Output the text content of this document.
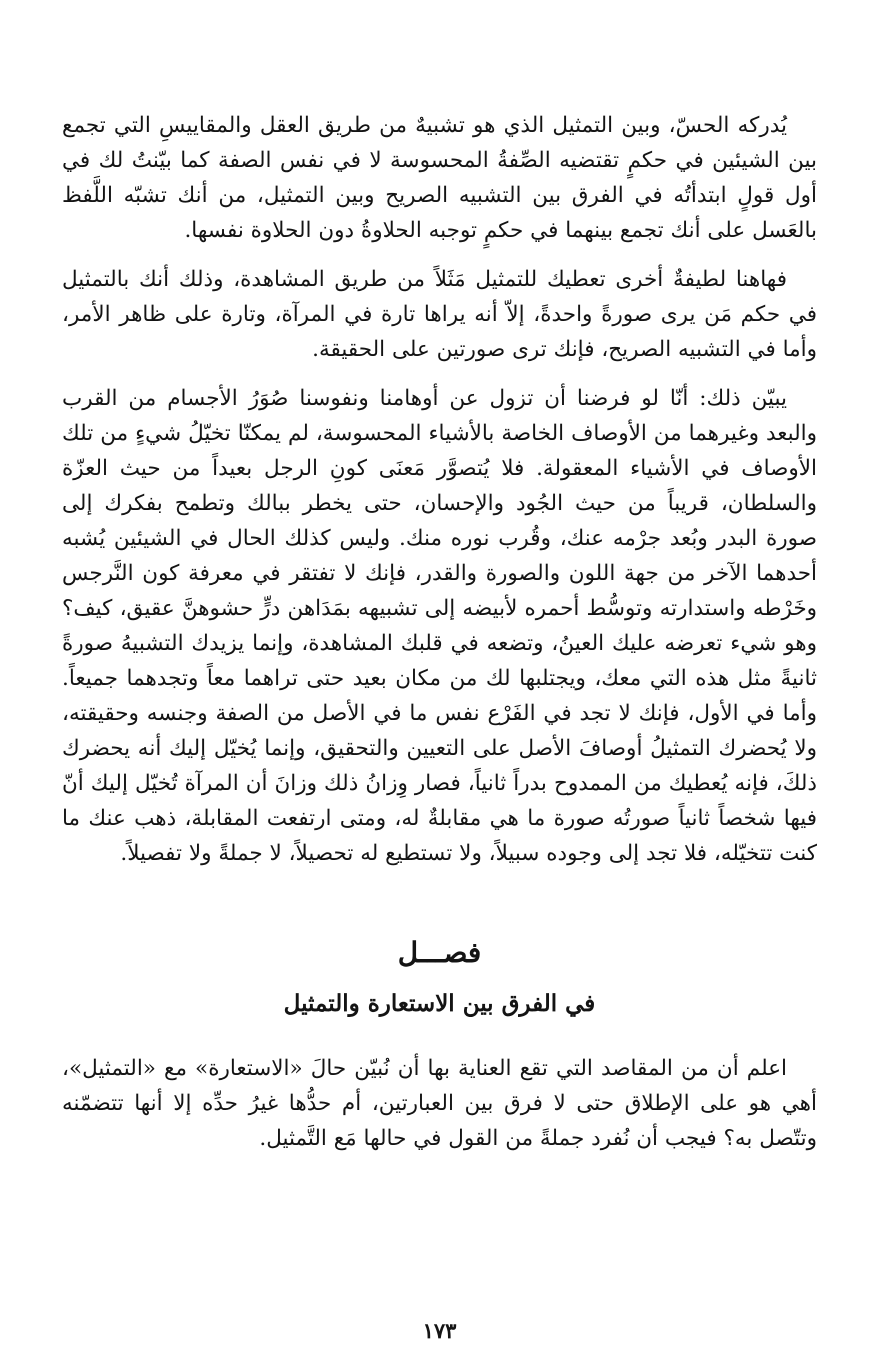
يُدركه الحسّ، وبين التمثيل الذي هو تشبيهٌ من طريق العقل والمقاييسِ التي تجمع بين الشيئين في حكمٍ تقتضيه الصِّفةُ المحسوسة لا في نفس الصفة كما بيّنتُ لك في أول قولٍ ابتدأتُه في الفرق بين التشبيه الصريح وبين التمثيل، من أنك تشبّه اللَّفظ بالعَسل على أنك تجمع بينهما في حكمٍ توجبه الحلاوةُ دون الحلاوة نفسها.

فهاهنا لطيفةٌ أخرى تعطيك للتمثيل مَثَلاً من طريق المشاهدة، وذلك أنك بالتمثيل في حكم مَن يرى صورةً واحدةً، إلاّ أنه يراها تارة في المرآة، وتارة على ظاهر الأمر، وأما في التشبيه الصريح، فإنك ترى صورتين على الحقيقة.

يبيّن ذلك: أنّا لو فرضنا أن تزول عن أوهامنا ونفوسنا صُوَرُ الأجسام من القرب والبعد وغيرهما من الأوصاف الخاصة بالأشياء المحسوسة، لم يمكنّا تخيّلُ شيءٍ من تلك الأوصاف في الأشياء المعقولة. فلا يُتصوَّر مَعنَى كونِ الرجل بعيداً من حيث العزّة والسلطان، قريباً من حيث الجُود والإحسان، حتى يخطر ببالك وتطمح بفكرك إلى صورة البدر وبُعد جرْمه عنك، وقُرب نوره منك. وليس كذلك الحال في الشيئين يُشبه أحدهما الآخر من جهة اللون والصورة والقدر، فإنك لا تفتقر في معرفة كون النَّرجس وخَرْطه واستدارته وتوسُّط أحمره لأبيضه إلى تشبيهه بمَدَاهن درٍّ حشوهنَّ عقيق، كيف؟ وهو شيء تعرضه عليك العينُ، وتضعه في قلبك المشاهدة، وإنما يزيدك التشبيهُ صورةً ثانيةً مثل هذه التي معك، ويجتلبها لك من مكان بعيد حتى تراهما معاً وتجدهما جميعاً. وأما في الأول، فإنك لا تجد في الفَرْع نفس ما في الأصل من الصفة وجنسه وحقيقته، ولا يُحضرك التمثيلُ أوصافَ الأصل على التعيين والتحقيق، وإنما يُخيّل إليك أنه يحضرك ذلكَ، فإنه يُعطيك من الممدوح بدراً ثانياً، فصار وِزانُ ذلك وزانَ أن المرآة تُخيّل إليك أنّ فيها شخصاً ثانياً صورتُه صورة ما هي مقابلةٌ له، ومتى ارتفعت المقابلة، ذهب عنك ما كنت تتخيّله، فلا تجد إلى وجوده سبيلاً، ولا تستطيع له تحصيلاً، لا جملةً ولا تفصيلاً.

فصـــل
في الفرق بين الاستعارة والتمثيل

اعلم أن من المقاصد التي تقع العناية بها أن نُبيّن حالَ «الاستعارة» مع «التمثيل»، أهي هو على الإطلاق حتى لا فرق بين العبارتين، أم حدُّها غيرُ حدِّه إلا أنها تتضمّنه وتتّصل به؟ فيجب أن نُفرد جملةً من القول في حالها مَع التَّمثيل.

١٧٣
